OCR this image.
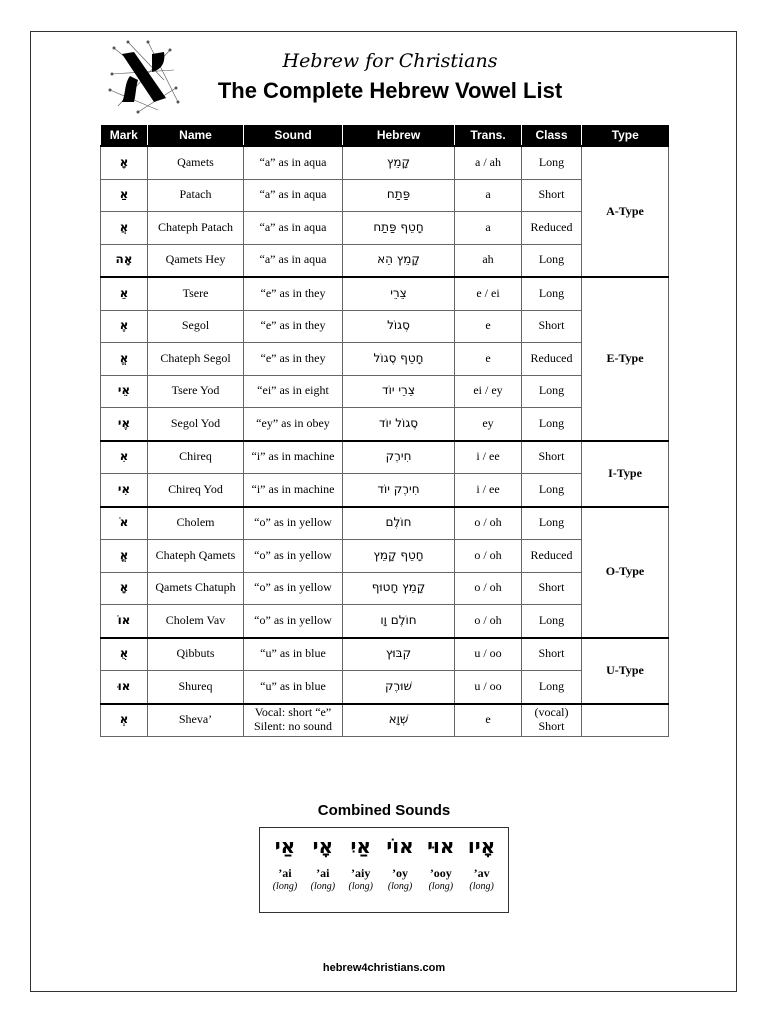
Hebrew for Christians
The Complete Hebrew Vowel List
Mark	Name	Sound	Hebrew	Trans.	Class	Type
אָ	Qamets	“a” as in aqua	קָמֵץ	a / ah	Long	A-Type
אַ	Patach	“a” as in aqua	פַּתַח	a	Short	
אֲ	Chateph Patach	“a” as in aqua	חָטֵף פַּתַח	a	Reduced	
אָה	Qamets Hey	“a” as in aqua	קָמֵץ הֵא	ah	Long	
אֵ	Tsere	“e” as in they	צֵרֵי	e / ei	Long	E-Type
אֶ	Segol	“e” as in they	סֶגוֹל	e	Short	
אֱ	Chateph Segol	“e” as in they	חָטֵף סֶגוֹל	e	Reduced	
אֵי	Tsere Yod	“ei” as in eight	צֵרֵי יוֹד	ei / ey	Long	
אֶי	Segol Yod	“ey” as in obey	סֶגוֹל יוֹד	ey	Long	
אִ	Chireq	“i” as in machine	חִירֶק	i / ee	Short	I-Type
אִי	Chireq Yod	“i” as in machine	חִירֶק יוֹד	i / ee	Long	
אֹ	Cholem	“o” as in yellow	חוֹלֶם	o / oh	Long	O-Type
אֳ	Chateph Qamets	“o” as in yellow	חָטֵף קָמֵץ	o / oh	Reduced	
אָ	Qamets Chatuph	“o” as in yellow	קָמֵץ חָטוּף	o / oh	Short	
אוֹ	Cholem Vav	“o” as in yellow	חוֹלֶם וָו	o / oh	Long	
אֻ	Qibbuts	“u” as in blue	קִבּוּץ	u / oo	Short	U-Type
אוּ	Shureq	“u” as in blue	שׁוּרֶק	u / oo	Long	
אְ	Sheva’	Vocal: short “e” Silent: no sound	שְׁוָא	e	(vocal) Short	
Combined Sounds
אַי
’ai
(long)
אָי
’ai
(long)
אַיִ
’aiy
(long)
אוֹי
’oy
(long)
אוּי
’ooy
(long)
אָיו
’av
(long)
hebrew4christians.com
